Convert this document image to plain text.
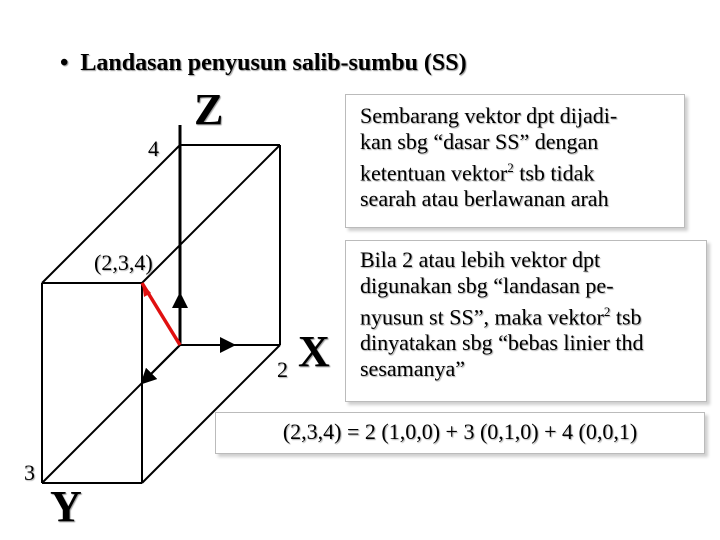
• Landasan penyusun salib-sumbu (SS)
4
Z
(2,3,4)
2 X
3
Y
Sembarang vektor dpt dijadi-
kan sbg “dasar SS” dengan
ketentuan vektor$^2$ tsb tidak
searah atau berlawanan arah
Bila 2 atau lebih vektor dpt
digunakan sbg “landasan pe-
nyusun st SS”, maka vektor$^2$ tsb
dinyatakan sbg “bebas linier thd
sesamanya”
(2,3,4) = 2 (1,0,0) + 3 (0,1,0) + 4 (0,0,1)
